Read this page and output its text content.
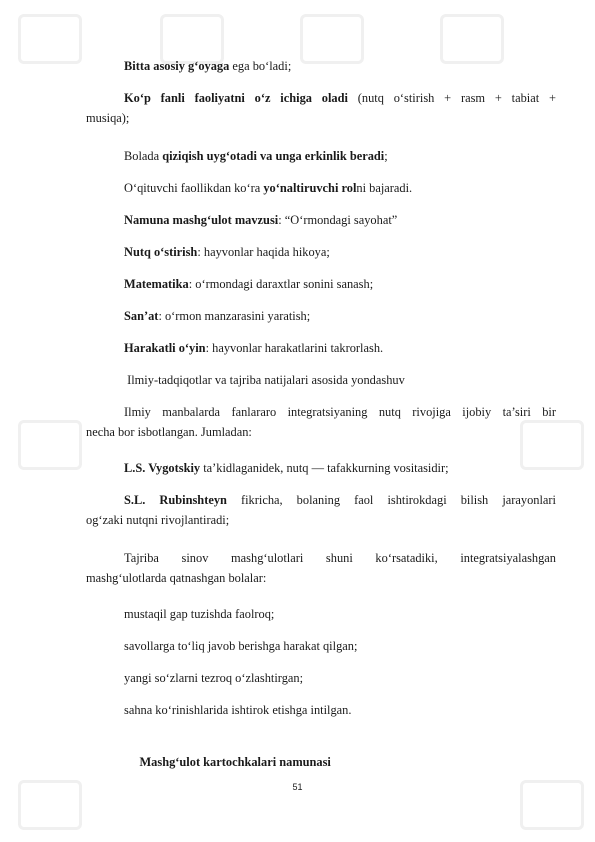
Bitta asosiy g‘oyaga ega bo‘ladi;
Ko‘p fanli faoliyatni o‘z ichiga oladi (nutq o‘stirish + rasm + tabiat +
musiqa);
Bolada qiziqish uyg‘otadi va unga erkinlik beradi;
O‘qituvchi faollikdan ko‘ra yo‘naltiruvchi rolni bajaradi.
Namuna mashg‘ulot mavzusi: “O‘rmondagi sayohat”
Nutq o‘stirish: hayvonlar haqida hikoya;
Matematika: o‘rmondagi daraxtlar sonini sanash;
San’at: o‘rmon manzarasini yaratish;
Harakatli o‘yin: hayvonlar harakatlarini takrorlash.
Ilmiy-tadqiqotlar va tajriba natijalari asosida yondashuv
Ilmiy manbalarda fanlararo integratsiyaning nutq rivojiga ijobiy ta’siri bir
necha bor isbotlangan. Jumladan:
L.S. Vygotskiy ta’kidlaganidek, nutq — tafakkurning vositasidir;
S.L. Rubinshteyn fikricha, bolaning faol ishtirokdagi bilish jarayonlari
og‘zaki nutqni rivojlantiradi;
Tajriba sinov mashg‘ulotlari shuni ko‘rsatadiki, integratsiyalashgan
mashg‘ulotlarda qatnashgan bolalar:
mustaqil gap tuzishda faolroq;
savollarga to‘liq javob berishga harakat qilgan;
yangi so‘zlarni tezroq o‘zlashtirgan;
sahna ko‘rinishlarida ishtirok etishga intilgan.

Mashg‘ulot kartochkalari namunasi

51
